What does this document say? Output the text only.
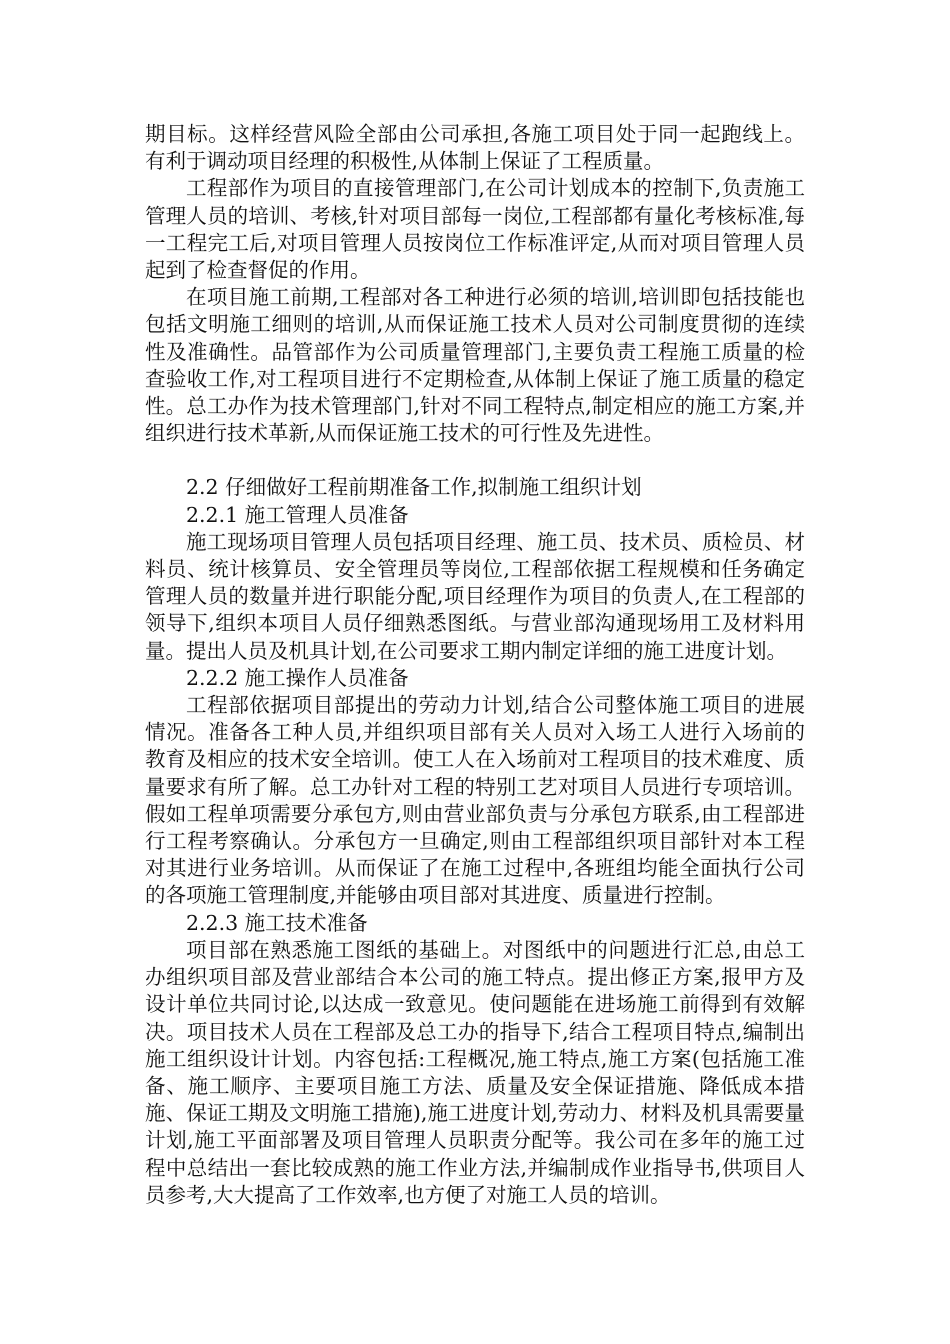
期目标。这样经营风险全部由公司承担,各施工项目处于同一起跑线上。有利于调动项目经理的积极性,从体制上保证了工程质量。

工程部作为项目的直接管理部门,在公司计划成本的控制下,负责施工管理人员的培训、考核,针对项目部每一岗位,工程部都有量化考核标准,每一工程完工后,对项目管理人员按岗位工作标准评定,从而对项目管理人员起到了检查督促的作用。

在项目施工前期,工程部对各工种进行必须的培训,培训即包括技能也包括文明施工细则的培训,从而保证施工技术人员对公司制度贯彻的连续性及准确性。品管部作为公司质量管理部门,主要负责工程施工质量的检查验收工作,对工程项目进行不定期检查,从体制上保证了施工质量的稳定性。总工办作为技术管理部门,针对不同工程特点,制定相应的施工方案,并组织进行技术革新,从而保证施工技术的可行性及先进性。

2.2 仔细做好工程前期准备工作,拟制施工组织计划

2.2.1 施工管理人员准备

施工现场项目管理人员包括项目经理、施工员、技术员、质检员、材料员、统计核算员、安全管理员等岗位,工程部依据工程规模和任务确定管理人员的数量并进行职能分配,项目经理作为项目的负责人,在工程部的领导下,组织本项目人员仔细熟悉图纸。与营业部沟通现场用工及材料用量。提出人员及机具计划,在公司要求工期内制定详细的施工进度计划。

2.2.2 施工操作人员准备

工程部依据项目部提出的劳动力计划,结合公司整体施工项目的进展情况。准备各工种人员,并组织项目部有关人员对入场工人进行入场前的教育及相应的技术安全培训。使工人在入场前对工程项目的技术难度、质量要求有所了解。总工办针对工程的特别工艺对项目人员进行专项培训。假如工程单项需要分承包方,则由营业部负责与分承包方联系,由工程部进行工程考察确认。分承包方一旦确定,则由工程部组织项目部针对本工程对其进行业务培训。从而保证了在施工过程中,各班组均能全面执行公司的各项施工管理制度,并能够由项目部对其进度、质量进行控制。

2.2.3 施工技术准备

项目部在熟悉施工图纸的基础上。对图纸中的问题进行汇总,由总工办组织项目部及营业部结合本公司的施工特点。提出修正方案,报甲方及设计单位共同讨论,以达成一致意见。使问题能在进场施工前得到有效解决。项目技术人员在工程部及总工办的指导下,结合工程项目特点,编制出施工组织设计计划。内容包括:工程概况,施工特点,施工方案(包括施工准备、施工顺序、主要项目施工方法、质量及安全保证措施、降低成本措施、保证工期及文明施工措施),施工进度计划,劳动力、材料及机具需要量计划,施工平面部署及项目管理人员职责分配等。我公司在多年的施工过程中总结出一套比较成熟的施工作业方法,并编制成作业指导书,供项目人员参考,大大提高了工作效率,也方便了对施工人员的培训。
